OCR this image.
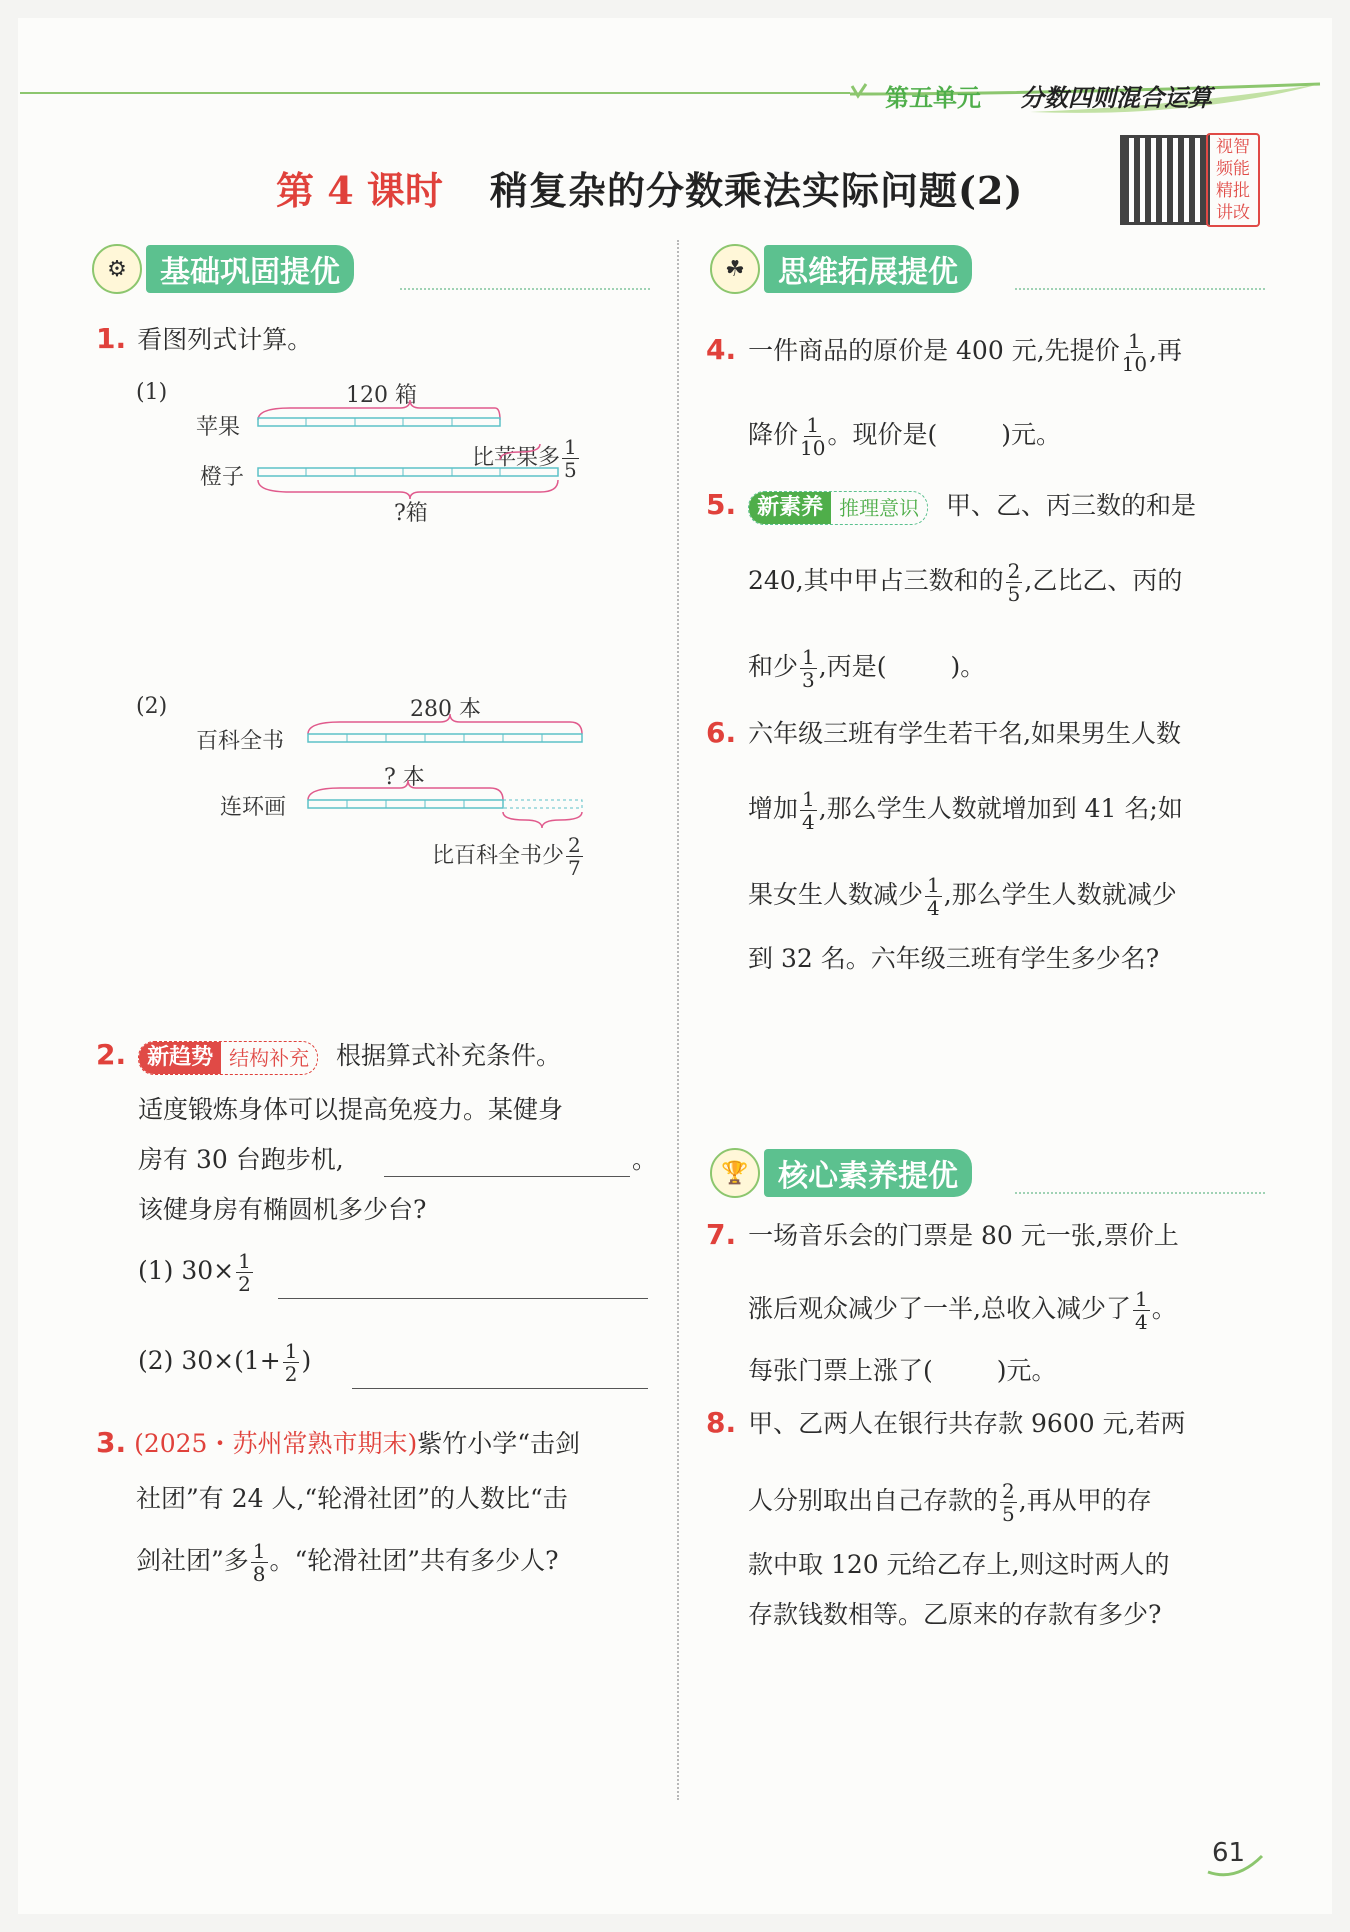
第五单元 分数四则混合运算
第 4 课时 稍复杂的分数乘法实际问题(2)
视智频能精批讲改
⚙	基础巩固提优	☘	思维拓展提优
1. 看图列式计算。
(1)	120 箱
苹果
橙子
比苹果多 $\frac{1}{5}$
?箱
(2)	280 本
百科全书
? 本
连环画
比百科全书少 $\frac{2}{7}$
2. 新趋势 结构补充	根据算式补充条件。
适度锻炼身体可以提高免疫力。某健身
房有 30 台跑步机,	。
该健身房有椭圆机多少台?
(1) $30\times \frac{1}{2}$
(2) $30\times(1+ \frac{1}{2}$ )
3. (2025・苏州常熟市期末)紫竹小学“击剑
社团”有 24 人,“轮滑社团”的人数比“击
剑社团”多 $\frac{1}{8}$ 。“轮滑社团”共有多少人?
4. 一件商品的原价是 400 元,先提价 $\frac{1}{10}$ ,再
降价 $\frac{1}{10}$ 。现价是(	)元。
5. 新素养 推理意识	甲、乙、丙三数的和是
240,其中甲占三数和的 $\frac{2}{5}$ ,乙比乙、丙的
和少 $\frac{1}{3}$ ,丙是(	)。
6. 六年级三班有学生若干名,如果男生人数
增加 $\frac{1}{4}$ ,那么学生人数就增加到 41 名;如
果女生人数减少 $\frac{1}{4}$ ,那么学生人数就减少
到 32 名。六年级三班有学生多少名?
🏆 核心素养提优
7. 一场音乐会的门票是 80 元一张,票价上
涨后观众减少了一半,总收入减少了 $\frac{1}{4}$ 。
每张门票上涨了(	)元。
8. 甲、乙两人在银行共存款 9600 元,若两
人分别取出自己存款的 $\frac{2}{5}$ ,再从甲的存
款中取 120 元给乙存上,则这时两人的
存款钱数相等。乙原来的存款有多少?
61
